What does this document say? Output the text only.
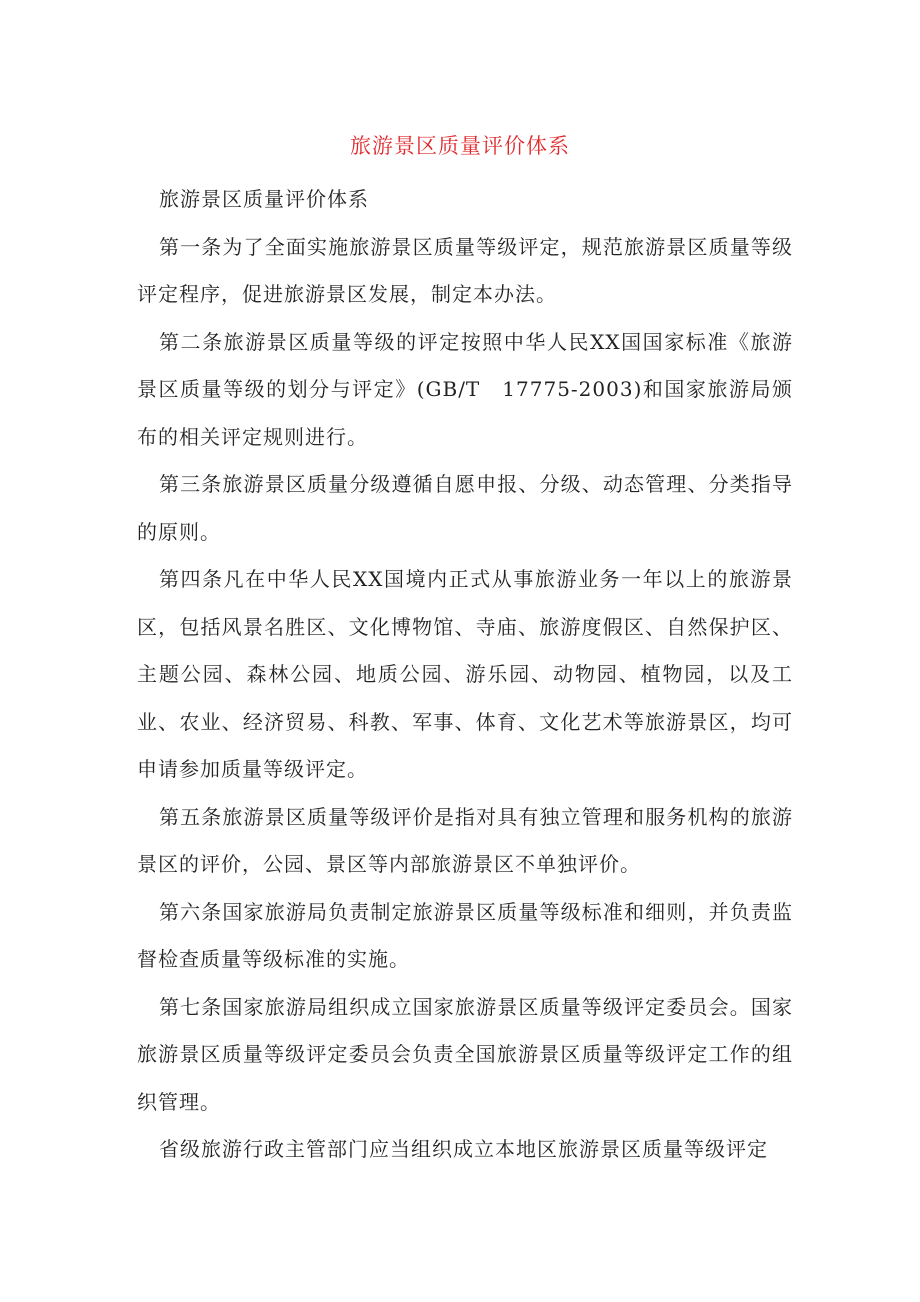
旅游景区质量评价体系

旅游景区质量评价体系

第一条为了全面实施旅游景区质量等级评定，规范旅游景区质量等级评定程序，促进旅游景区发展，制定本办法。

第二条旅游景区质量等级的评定按照中华人民XX国国家标准《旅游景区质量等级的划分与评定》(GB/T　17775-2003)和国家旅游局颁布的相关评定规则进行。

第三条旅游景区质量分级遵循自愿申报、分级、动态管理、分类指导的原则。

第四条凡在中华人民XX国境内正式从事旅游业务一年以上的旅游景区，包括风景名胜区、文化博物馆、寺庙、旅游度假区、自然保护区、主题公园、森林公园、地质公园、游乐园、动物园、植物园，以及工业、农业、经济贸易、科教、军事、体育、文化艺术等旅游景区，均可申请参加质量等级评定。

第五条旅游景区质量等级评价是指对具有独立管理和服务机构的旅游景区的评价，公园、景区等内部旅游景区不单独评价。

第六条国家旅游局负责制定旅游景区质量等级标准和细则，并负责监督检查质量等级标准的实施。

第七条国家旅游局组织成立国家旅游景区质量等级评定委员会。国家旅游景区质量等级评定委员会负责全国旅游景区质量等级评定工作的组织管理。

省级旅游行政主管部门应当组织成立本地区旅游景区质量等级评定
